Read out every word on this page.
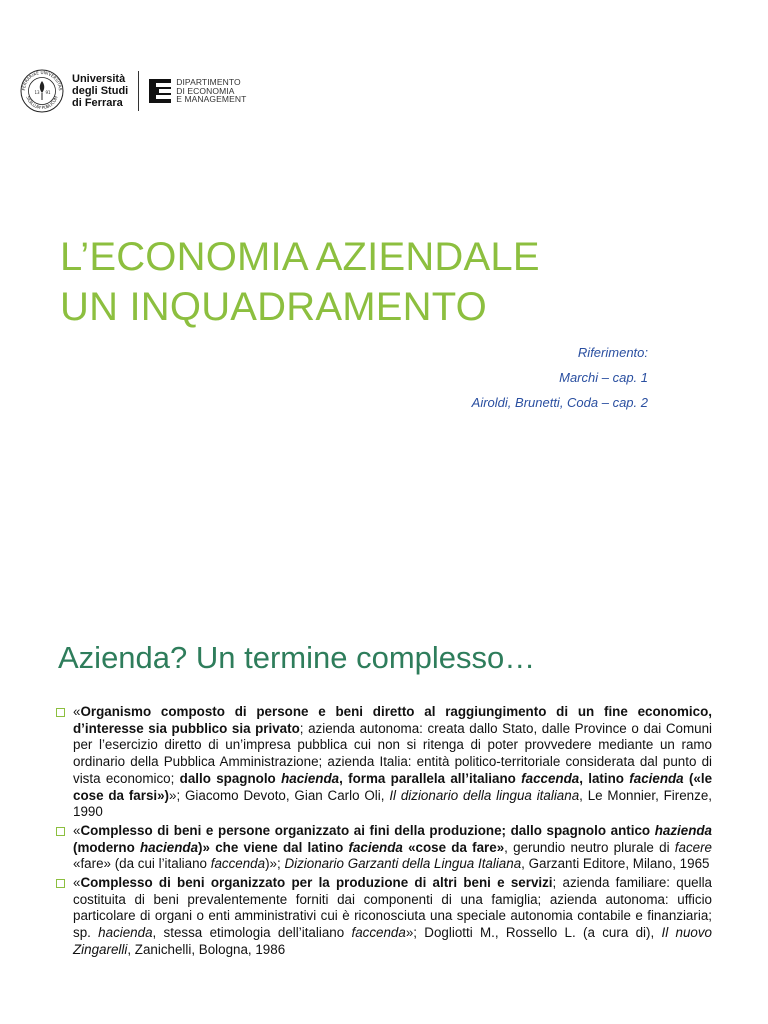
FERRARIAE UNIVERSITAS
SIGILLUM PUBLICUM
13 91
Università
degli Studi
di Ferrara
DIPARTIMENTO
DI ECONOMIA
E MANAGEMENT
L’ECONOMIA AZIENDALE
UN INQUADRAMENTO
Riferimento:
Marchi – cap. 1
Airoldi, Brunetti, Coda – cap. 2
Azienda? Un termine complesso…
«Organismo composto di persone e beni diretto al raggiungimento di un fine economico, d’interesse sia pubblico sia privato; azienda autonoma: creata dallo Stato, dalle Province o dai Comuni per l’esercizio diretto di un’impresa pubblica cui non si ritenga di poter provvedere mediante un ramo ordinario della Pubblica Amministrazione; azienda Italia: entità politico-territoriale considerata dal punto di vista economico; dallo spagnolo hacienda, forma parallela all’italiano faccenda, latino facienda («le cose da farsi»)»; Giacomo Devoto, Gian Carlo Oli, Il dizionario della lingua italiana, Le Monnier, Firenze, 1990
«Complesso di beni e persone organizzato ai fini della produzione; dallo spagnolo antico hazienda (moderno hacienda)» che viene dal latino facienda «cose da fare», gerundio neutro plurale di facere «fare» (da cui l’italiano faccenda)»; Dizionario Garzanti della Lingua Italiana, Garzanti Editore, Milano, 1965
«Complesso di beni organizzato per la produzione di altri beni e servizi; azienda familiare: quella costituita di beni prevalentemente forniti dai componenti di una famiglia; azienda autonoma: ufficio particolare di organi o enti amministrativi cui è riconosciuta una speciale autonomia contabile e finanziaria; sp. hacienda, stessa etimologia dell’italiano faccenda»; Dogliotti M., Rossello L. (a cura di), Il nuovo Zingarelli, Zanichelli, Bologna, 1986
